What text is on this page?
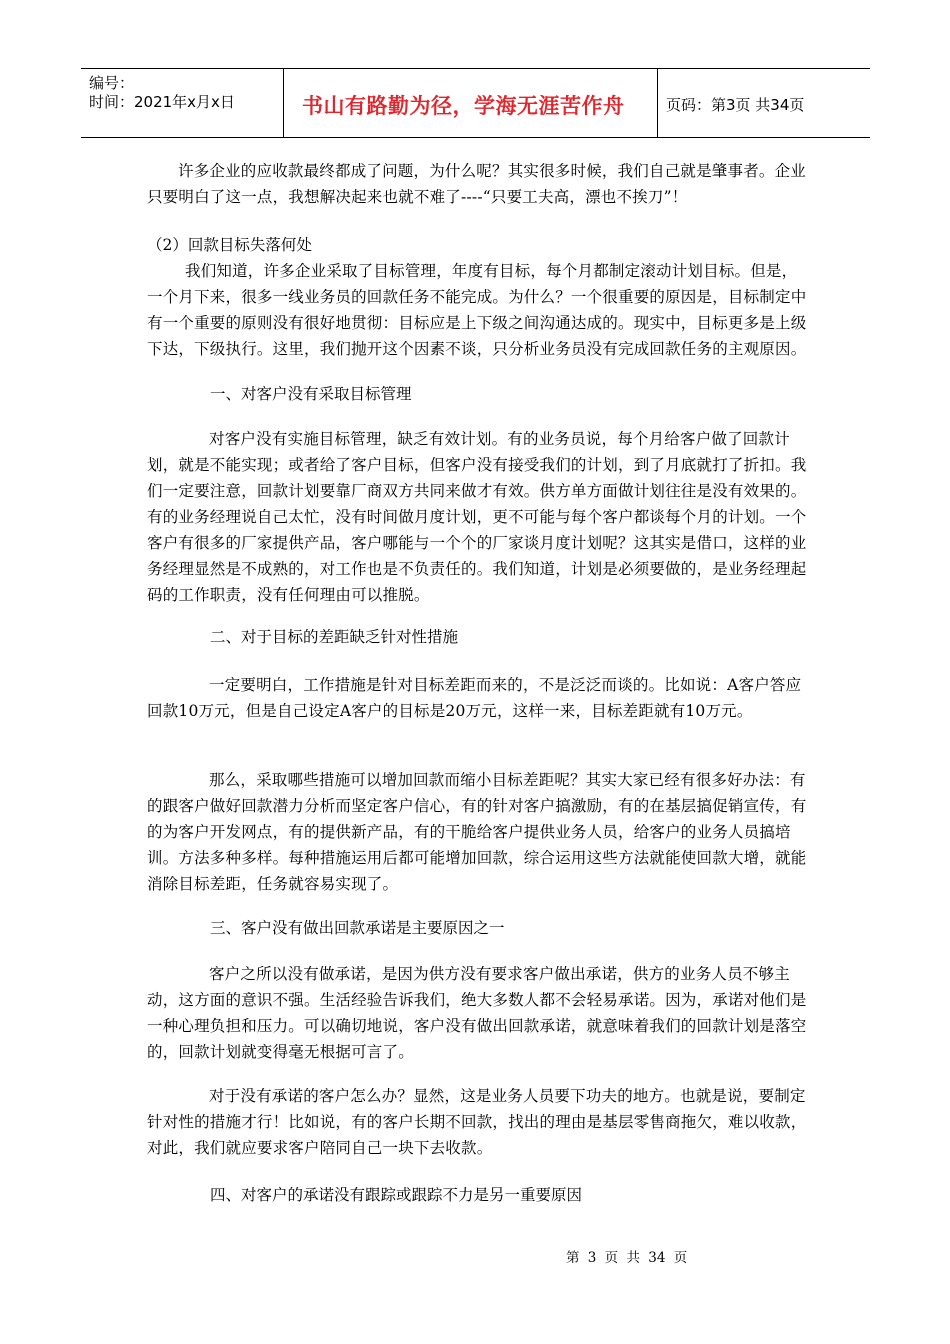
编号：
时间：2021年x月x日	书山有路勤为径，学海无涯苦作舟	页码：第3页 共34页

许多企业的应收款最终都成了问题，为什么呢？其实很多时候，我们自己就是肇事者。企业只要明白了这一点，我想解决起来也就不难了----“只要工夫高，漂也不挨刀”！

（2）回款目标失落何处

我们知道，许多企业采取了目标管理，年度有目标，每个月都制定滚动计划目标。但是，一个月下来，很多一线业务员的回款任务不能完成。为什么？一个很重要的原因是，目标制定中有一个重要的原则没有很好地贯彻：目标应是上下级之间沟通达成的。现实中，目标更多是上级下达，下级执行。这里，我们抛开这个因素不谈，只分析业务员没有完成回款任务的主观原因。

一、对客户没有采取目标管理

对客户没有实施目标管理，缺乏有效计划。有的业务员说，每个月给客户做了回款计划，就是不能实现；或者给了客户目标，但客户没有接受我们的计划，到了月底就打了折扣。我们一定要注意，回款计划要靠厂商双方共同来做才有效。供方单方面做计划往往是没有效果的。有的业务经理说自己太忙，没有时间做月度计划，更不可能与每个客户都谈每个月的计划。一个客户有很多的厂家提供产品，客户哪能与一个个的厂家谈月度计划呢？这其实是借口，这样的业务经理显然是不成熟的，对工作也是不负责任的。我们知道，计划是必须要做的，是业务经理起码的工作职责，没有任何理由可以推脱。

二、对于目标的差距缺乏针对性措施

一定要明白，工作措施是针对目标差距而来的，不是泛泛而谈的。比如说：A客户答应回款10万元，但是自己设定A客户的目标是20万元，这样一来，目标差距就有10万元。

那么，采取哪些措施可以增加回款而缩小目标差距呢？其实大家已经有很多好办法：有的跟客户做好回款潜力分析而坚定客户信心，有的针对客户搞激励，有的在基层搞促销宣传，有的为客户开发网点，有的提供新产品，有的干脆给客户提供业务人员，给客户的业务人员搞培训。方法多种多样。每种措施运用后都可能增加回款，综合运用这些方法就能使回款大增，就能消除目标差距，任务就容易实现了。

三、客户没有做出回款承诺是主要原因之一

客户之所以没有做承诺，是因为供方没有要求客户做出承诺，供方的业务人员不够主动，这方面的意识不强。生活经验告诉我们，绝大多数人都不会轻易承诺。因为，承诺对他们是一种心理负担和压力。可以确切地说，客户没有做出回款承诺，就意味着我们的回款计划是落空的，回款计划就变得毫无根据可言了。

对于没有承诺的客户怎么办？显然，这是业务人员要下功夫的地方。也就是说，要制定针对性的措施才行！比如说，有的客户长期不回款，找出的理由是基层零售商拖欠，难以收款，对此，我们就应要求客户陪同自己一块下去收款。

四、对客户的承诺没有跟踪或跟踪不力是另一重要原因

第 3 页 共 34 页
